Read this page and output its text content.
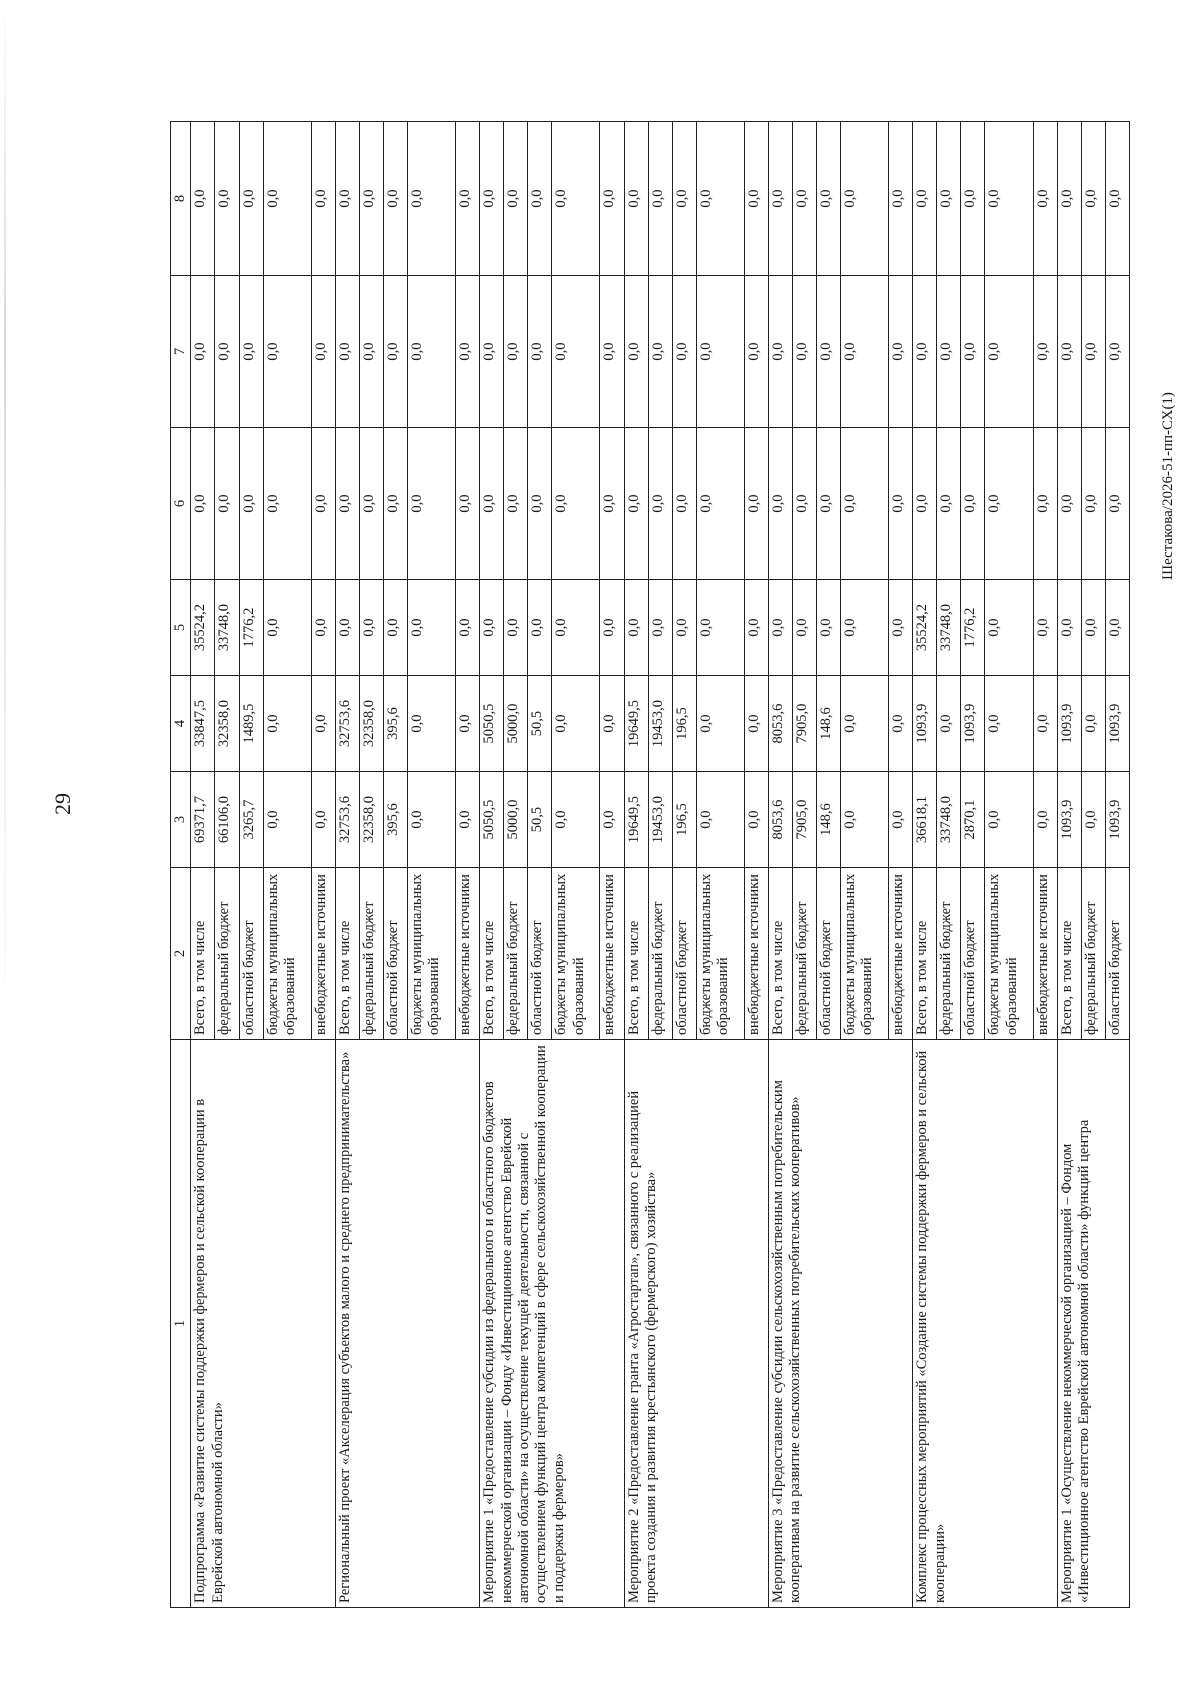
29
1	2	3	4	5	6	7	8
Подпрограмма «Развитие системы поддержки фермеров и сельской кооперации в Еврейской автономной области»	Всего, в том числе	69371,7	33847,5	35524,2	0,0	0,0	0,0
	федеральный бюджет	66106,0	32358,0	33748,0	0,0	0,0	0,0
	областной бюджет	3265,7	1489,5	1776,2	0,0	0,0	0,0
	бюджеты муниципальных образований	0,0	0,0	0,0	0,0	0,0	0,0
	внебюджетные источники	0,0	0,0	0,0	0,0	0,0	0,0
Региональный проект «Акселерация субъектов малого и среднего предпринимательства»	Всего, в том числе	32753,6	32753,6	0,0	0,0	0,0	0,0
	федеральный бюджет	32358,0	32358,0	0,0	0,0	0,0	0,0
	областной бюджет	395,6	395,6	0,0	0,0	0,0	0,0
	бюджеты муниципальных образований	0,0	0,0	0,0	0,0	0,0	0,0
	внебюджетные источники	0,0	0,0	0,0	0,0	0,0	0,0
Мероприятие 1 «Предоставление субсидии из федерального и областного бюджетов некоммерческой организации – Фонду «Инвестиционное агентство Еврейской автономной области» на осуществление текущей деятельности, связанной с осуществлением функций центра компетенций в сфере сельскохозяйственной кооперации и поддержки фермеров»	Всего, в том числе	5050,5	5050,5	0,0	0,0	0,0	0,0
	федеральный бюджет	5000,0	5000,0	0,0	0,0	0,0	0,0
	областной бюджет	50,5	50,5	0,0	0,0	0,0	0,0
	бюджеты муниципальных образований	0,0	0,0	0,0	0,0	0,0	0,0
	внебюджетные источники	0,0	0,0	0,0	0,0	0,0	0,0
Мероприятие 2 «Предоставление гранта «Агростартап», связанного с реализацией проекта создания и развития крестьянского (фермерского) хозяйства»	Всего, в том числе	19649,5	19649,5	0,0	0,0	0,0	0,0
	федеральный бюджет	19453,0	19453,0	0,0	0,0	0,0	0,0
	областной бюджет	196,5	196,5	0,0	0,0	0,0	0,0
	бюджеты муниципальных образований	0,0	0,0	0,0	0,0	0,0	0,0
	внебюджетные источники	0,0	0,0	0,0	0,0	0,0	0,0
Мероприятие 3 «Предоставление субсидии сельскохозяйственным потребительским кооперативам на развитие сельскохозяйственных потребительских кооперативов»	Всего, в том числе	8053,6	8053,6	0,0	0,0	0,0	0,0
	федеральный бюджет	7905,0	7905,0	0,0	0,0	0,0	0,0
	областной бюджет	148,6	148,6	0,0	0,0	0,0	0,0
	бюджеты муниципальных образований	0,0	0,0	0,0	0,0	0,0	0,0
	внебюджетные источники	0,0	0,0	0,0	0,0	0,0	0,0
Комплекс процессных мероприятий «Создание системы поддержки фермеров и сельской кооперации»	Всего, в том числе	36618,1	1093,9	35524,2	0,0	0,0	0,0
	федеральный бюджет	33748,0	0,0	33748,0	0,0	0,0	0,0
	областной бюджет	2870,1	1093,9	1776,2	0,0	0,0	0,0
	бюджеты муниципальных образований	0,0	0,0	0,0	0,0	0,0	0,0
	внебюджетные источники	0,0	0,0	0,0	0,0	0,0	0,0
Мероприятие 1 «Осуществление некоммерческой организацией – Фондом «Инвестиционное агентство Еврейской автономной области» функций центра	Всего, в том числе	1093,9	1093,9	0,0	0,0	0,0	0,0
	федеральный бюджет	0,0	0,0	0,0	0,0	0,0	0,0
	областной бюджет	1093,9	1093,9	0,0	0,0	0,0	0,0
Шестакова/2026-51-пп-СХ(1)
